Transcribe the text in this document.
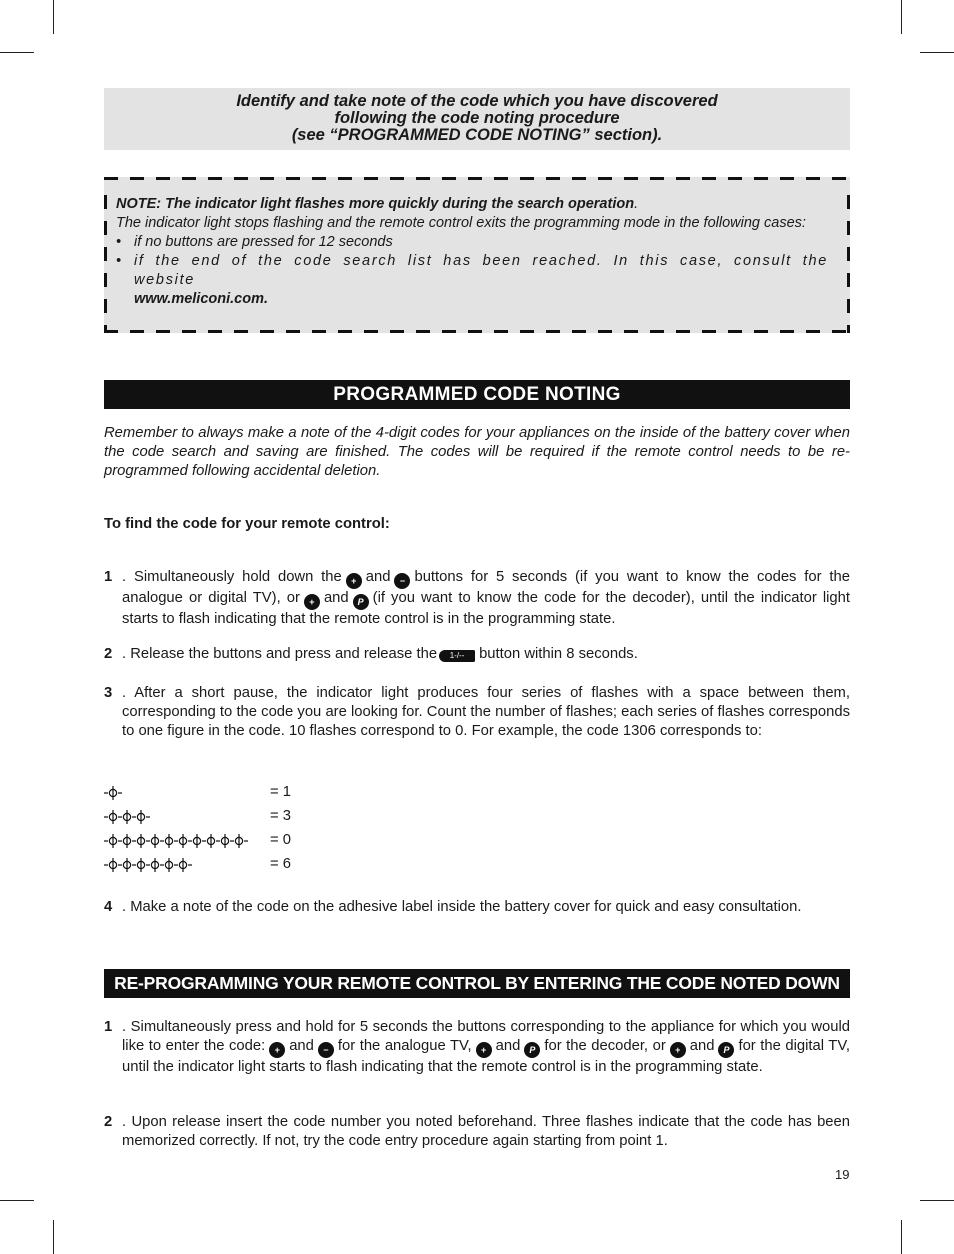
Identify and take note of the code which you have discovered
following the code noting procedure
(see “PROGRAMMED CODE NOTING” section).
NOTE: The indicator light flashes more quickly during the search operation.
The indicator light stops flashing and the remote control exits the programming mode in the following cases:
• if no buttons are pressed for 12 seconds
• if the end of the code search list has been reached. In this case, consult the website
www.meliconi.com.
PROGRAMMED CODE NOTING
Remember to always make a note of the 4-digit codes for your appliances on the inside of the battery cover when the code search and saving are finished. The codes will be required if the remote control needs to be re-programmed following accidental deletion.
To find the code for your remote control:
1 . Simultaneously hold down the + and − buttons for 5 seconds (if you want to know the codes for the analogue or digital TV), or + and P (if you want to know the code for the decoder), until the indicator light starts to flash indicating that the remote control is in the programming state.
2 . Release the buttons and press and release the 1-/-- button within 8 seconds.
3 . After a short pause, the indicator light produces four series of flashes with a space between them, corresponding to the code you are looking for. Count the number of flashes; each series of flashes corresponds to one figure in the code. 10 flashes correspond to 0. For example, the code 1306 corresponds to:
= 1
= 3
= 0
= 6
4 . Make a note of the code on the adhesive label inside the battery cover for quick and easy consultation.
RE-PROGRAMMING YOUR REMOTE CONTROL BY ENTERING THE CODE NOTED DOWN
1 . Simultaneously press and hold for 5 seconds the buttons corresponding to the appliance for which you would like to enter the code: + and − for the analogue TV, + and P for the decoder, or + and P for the digital TV, until the indicator light starts to flash indicating that the remote control is in the programming state.
2 . Upon release insert the code number you noted beforehand. Three flashes indicate that the code has been memorized correctly. If not, try the code entry procedure again starting from point 1.
19
